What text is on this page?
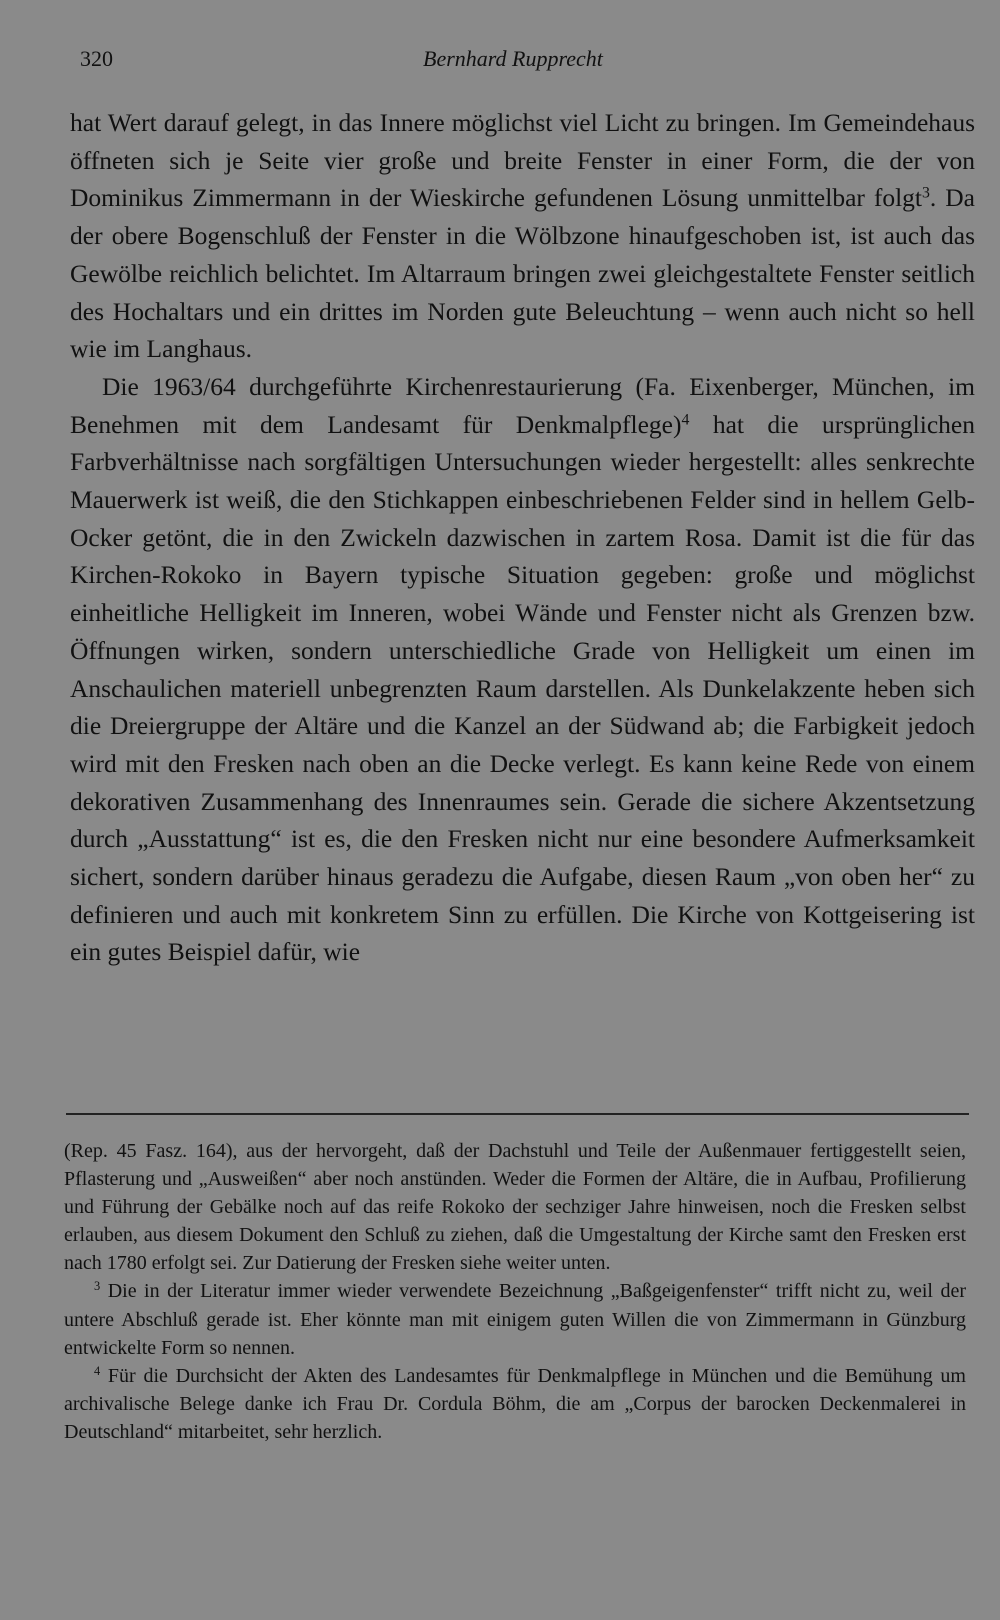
320	Bernhard Rupprecht

hat Wert darauf gelegt, in das Innere möglichst viel Licht zu bringen. Im Gemeindehaus öffneten sich je Seite vier große und breite Fenster in einer Form, die der von Dominikus Zimmermann in der Wieskirche gefundenen Lösung unmittelbar folgt$^3$. Da der obere Bogenschluß der Fenster in die Wölbzone hinaufgeschoben ist, ist auch das Gewölbe reichlich belichtet. Im Altarraum bringen zwei gleichgestaltete Fenster seitlich des Hochaltars und ein drittes im Norden gute Beleuchtung – wenn auch nicht so hell wie im Langhaus.

Die 1963/64 durchgeführte Kirchenrestaurierung (Fa. Eixenberger, München, im Benehmen mit dem Landesamt für Denkmalpflege)$^4$ hat die ursprünglichen Farbverhältnisse nach sorgfältigen Untersuchungen wieder hergestellt: alles senkrechte Mauerwerk ist weiß, die den Stichkappen einbeschriebenen Felder sind in hellem Gelb-Ocker getönt, die in den Zwickeln dazwischen in zartem Rosa. Damit ist die für das Kirchen-Rokoko in Bayern typische Situation gegeben: große und möglichst einheitliche Helligkeit im Inneren, wobei Wände und Fenster nicht als Grenzen bzw. Öffnungen wirken, sondern unterschiedliche Grade von Helligkeit um einen im Anschaulichen materiell unbegrenzten Raum darstellen. Als Dunkelakzente heben sich die Dreiergruppe der Altäre und die Kanzel an der Südwand ab; die Farbigkeit jedoch wird mit den Fresken nach oben an die Decke verlegt. Es kann keine Rede von einem dekorativen Zusammenhang des Innenraumes sein. Gerade die sichere Akzentsetzung durch „Ausstattung“ ist es, die den Fresken nicht nur eine besondere Aufmerksamkeit sichert, sondern darüber hinaus geradezu die Aufgabe, diesen Raum „von oben her“ zu definieren und auch mit konkretem Sinn zu erfüllen. Die Kirche von Kottgeisering ist ein gutes Beispiel dafür, wie

(Rep. 45 Fasz. 164), aus der hervorgeht, daß der Dachstuhl und Teile der Außenmauer fertiggestellt seien, Pflasterung und „Ausweißen“ aber noch anstünden. Weder die Formen der Altäre, die in Aufbau, Profilierung und Führung der Gebälke noch auf das reife Rokoko der sechziger Jahre hinweisen, noch die Fresken selbst erlauben, aus diesem Dokument den Schluß zu ziehen, daß die Umgestaltung der Kirche samt den Fresken erst nach 1780 erfolgt sei. Zur Datierung der Fresken siehe weiter unten.

$^3$ Die in der Literatur immer wieder verwendete Bezeichnung „Baßgeigenfenster“ trifft nicht zu, weil der untere Abschluß gerade ist. Eher könnte man mit einigem guten Willen die von Zimmermann in Günzburg entwickelte Form so nennen.

$^4$ Für die Durchsicht der Akten des Landesamtes für Denkmalpflege in München und die Bemühung um archivalische Belege danke ich Frau Dr. Cordula Böhm, die am „Corpus der barocken Deckenmalerei in Deutschland“ mitarbeitet, sehr herzlich.
